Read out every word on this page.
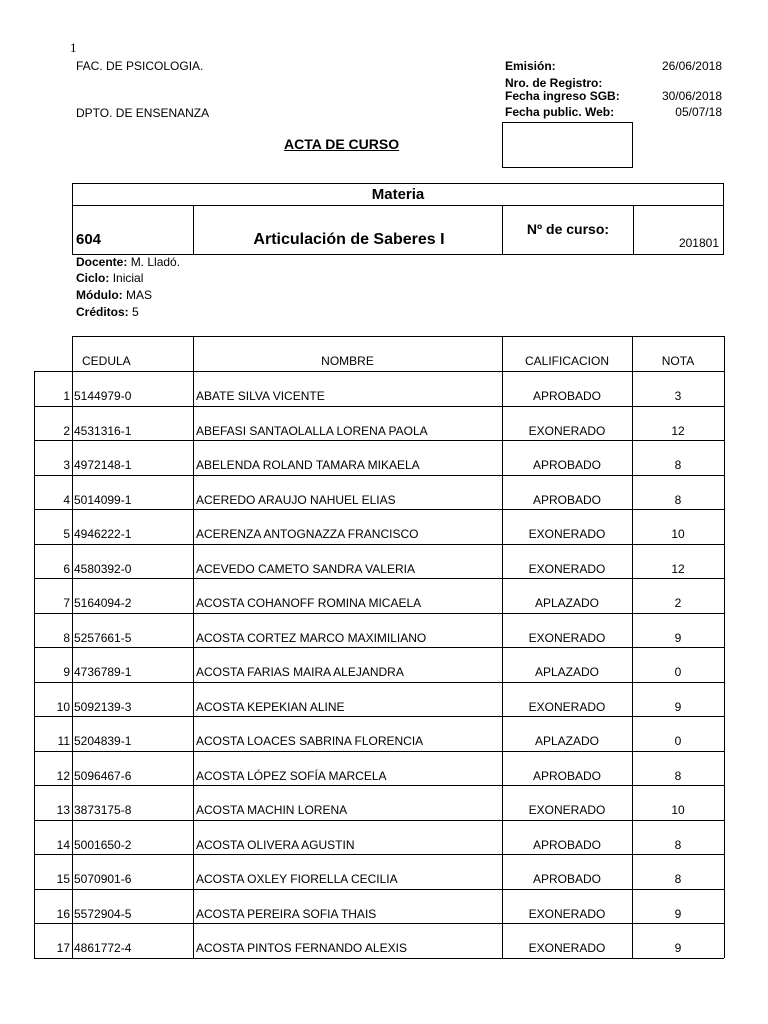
1
FAC. DE PSICOLOGIA.
DPTO. DE ENSENANZA
ACTA DE CURSO
Emisión:	26/06/2018
Nro. de Registro:
Fecha ingreso SGB:	30/06/2018
Fecha public. Web:	05/07/18
Materia
604	Articulación de Saberes I
Nº de curso:
201801
Docente: M. Lladó.
Ciclo: Inicial
Módulo: MAS
Créditos: 5
CEDULA	NOMBRE	CALIFICACION	NOTA
1 5144979-0	ABATE SILVA VICENTE	APROBADO	3
2 4531316-1	ABEFASI SANTAOLALLA LORENA PAOLA	EXONERADO	12
3 4972148-1	ABELENDA ROLAND TAMARA MIKAELA	APROBADO	8
4 5014099-1	ACEREDO ARAUJO NAHUEL ELIAS	APROBADO	8
5 4946222-1	ACERENZA ANTOGNAZZA FRANCISCO	EXONERADO	10
6 4580392-0	ACEVEDO CAMETO SANDRA VALERIA	EXONERADO	12
7 5164094-2	ACOSTA COHANOFF ROMINA MICAELA	APLAZADO	2
8 5257661-5	ACOSTA CORTEZ MARCO MAXIMILIANO	EXONERADO	9
9 4736789-1	ACOSTA FARIAS MAIRA ALEJANDRA	APLAZADO	0
10 5092139-3	ACOSTA KEPEKIAN ALINE	EXONERADO	9
11 5204839-1	ACOSTA LOACES SABRINA FLORENCIA	APLAZADO	0
12 5096467-6	ACOSTA LÓPEZ SOFÍA MARCELA	APROBADO	8
13 3873175-8	ACOSTA MACHIN LORENA	EXONERADO	10
14 5001650-2	ACOSTA OLIVERA AGUSTIN	APROBADO	8
15 5070901-6	ACOSTA OXLEY FIORELLA CECILIA	APROBADO	8
16 5572904-5	ACOSTA PEREIRA SOFIA THAIS	EXONERADO	9
17 4861772-4	ACOSTA PINTOS FERNANDO ALEXIS	EXONERADO	9
